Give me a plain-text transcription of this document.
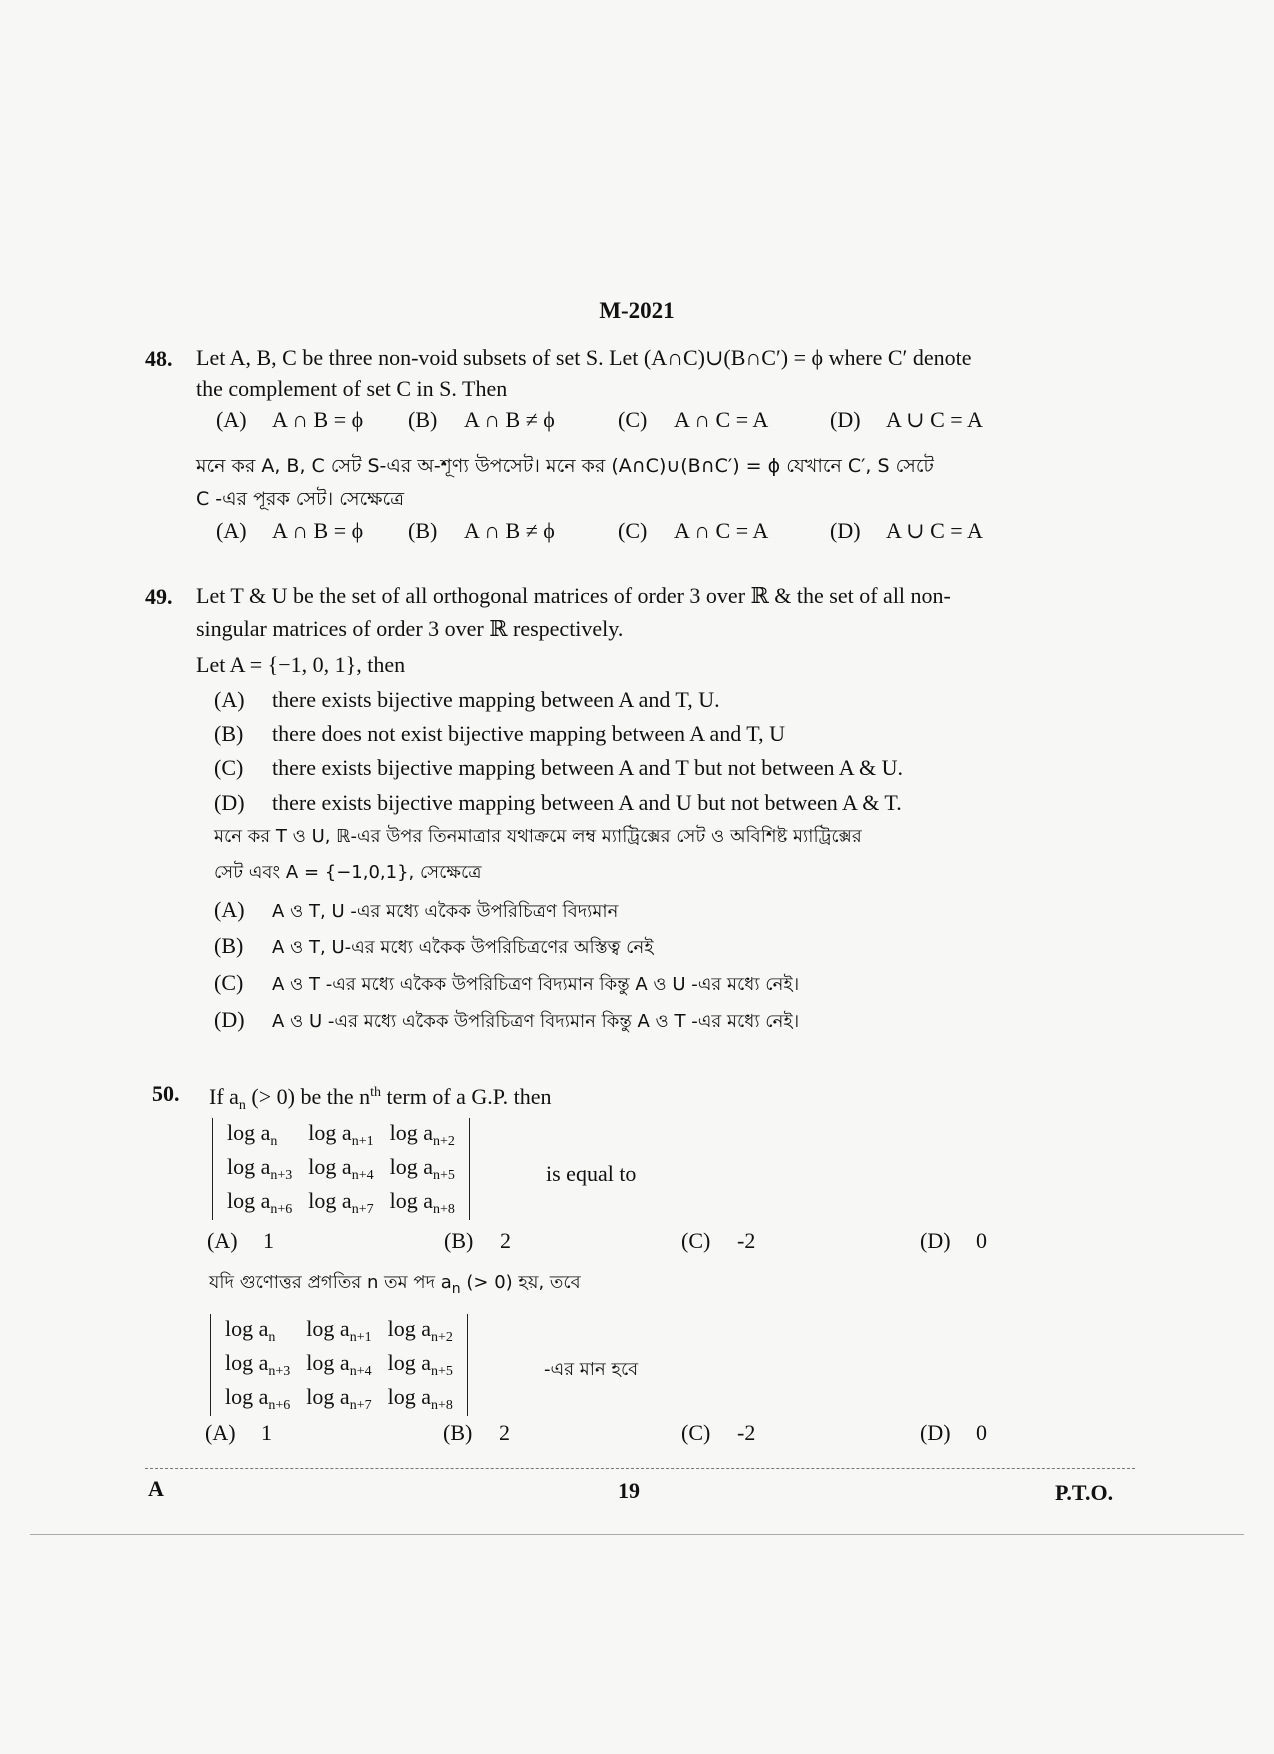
M-2021
48. Let A, B, C be three non-void subsets of set S. Let (A∩C)∪(B∩C′) = ϕ where C′ denote
the complement of set C in S. Then
(A) A ∩ B = ϕ (B) A ∩ B ≠ ϕ	(C) A ∩ C = A	(D) A ∪ C = A
মনে কর A, B, C সেট S-এর অ-শূণ্য উপসেট। মনে কর (A∩C)∪(B∩C′) = ϕ যেখানে C′, S সেটে
C -এর পূরক সেট। সেক্ষেত্রে
(A) A ∩ B = ϕ (B) A ∩ B ≠ ϕ	(C) A ∩ C = A	(D) A ∪ C = A
49. Let T & U be the set of all orthogonal matrices of order 3 over ℝ & the set of all non-
singular matrices of order 3 over ℝ respectively.
Let A = {−1, 0, 1}, then
(A) there exists bijective mapping between A and T, U.
(B) there does not exist bijective mapping between A and T, U
(C) there exists bijective mapping between A and T but not between A & U.
(D) there exists bijective mapping between A and U but not between A & T.
মনে কর T ও U, ℝ-এর উপর তিনমাত্রার যথাক্রমে লম্ব ম্যাট্রিক্সের সেট ও অবিশিষ্ট ম্যাট্রিক্সের
সেট এবং A = {−1,0,1}, সেক্ষেত্রে
(A) A ও T, U -এর মধ্যে একৈক উপরিচিত্রণ বিদ্যমান
(B) A ও T, U-এর মধ্যে একৈক উপরিচিত্রণের অস্তিত্ব নেই
(C) A ও T -এর মধ্যে একৈক উপরিচিত্রণ বিদ্যমান কিন্তু A ও U -এর মধ্যে নেই।
(D) A ও U -এর মধ্যে একৈক উপরিচিত্রণ বিদ্যমান কিন্তু A ও T -এর মধ্যে নেই।
50. If $a_n$ (> 0) be the $n^{th}$ term of a G.P. then
$\log a_n$	$\log a_{n+1}$	$\log a_{n+2}$
$\log a_{n+3}$	$\log a_{n+4}$	$\log a_{n+5}$
$\log a_{n+6}$	$\log a_{n+7}$	$\log a_{n+8}$
is equal to
(A) 1	(B) 2	(C) -2	(D) 0
যদি গুণোত্তর প্রগতির n তম পদ $a_n$ (> 0) হয়, তবে
$\log a_n$	$\log a_{n+1}$	$\log a_{n+2}$
$\log a_{n+3}$	$\log a_{n+4}$	$\log a_{n+5}$
$\log a_{n+6}$	$\log a_{n+7}$	$\log a_{n+8}$
-এর মান হবে
(A) 1	(B) 2	(C) -2	(D) 0
A	19	P.T.O.
